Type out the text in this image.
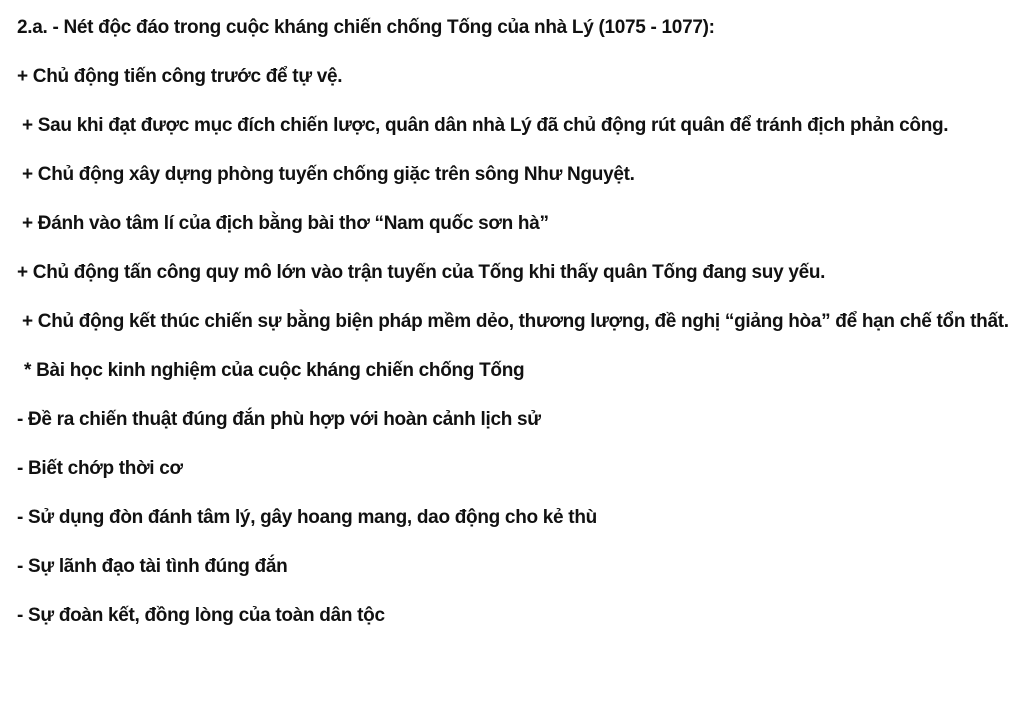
2.a. - Nét độc đáo trong cuộc kháng chiến chống Tống của nhà Lý (1075 - 1077):

+ Chủ động tiến công trước để tự vệ.

+ Sau khi đạt được mục đích chiến lược, quân dân nhà Lý đã chủ động rút quân để tránh địch phản công.

+ Chủ động xây dựng phòng tuyến chống giặc trên sông Như Nguyệt.

+ Đánh vào tâm lí của địch bằng bài thơ “Nam quốc sơn hà”

+ Chủ động tấn công quy mô lớn vào trận tuyến của Tống khi thấy quân Tống đang suy yếu.

+ Chủ động kết thúc chiến sự bằng biện pháp mềm dẻo, thương lượng, đề nghị “giảng hòa” để hạn chế tổn thất.

* Bài học kinh nghiệm của cuộc kháng chiến chống Tống

- Đề ra chiến thuật đúng đắn phù hợp với hoàn cảnh lịch sử

- Biết chớp thời cơ

- Sử dụng đòn đánh tâm lý, gây hoang mang, dao động cho kẻ thù

- Sự lãnh đạo tài tình đúng đắn

- Sự đoàn kết, đồng lòng của toàn dân tộc
